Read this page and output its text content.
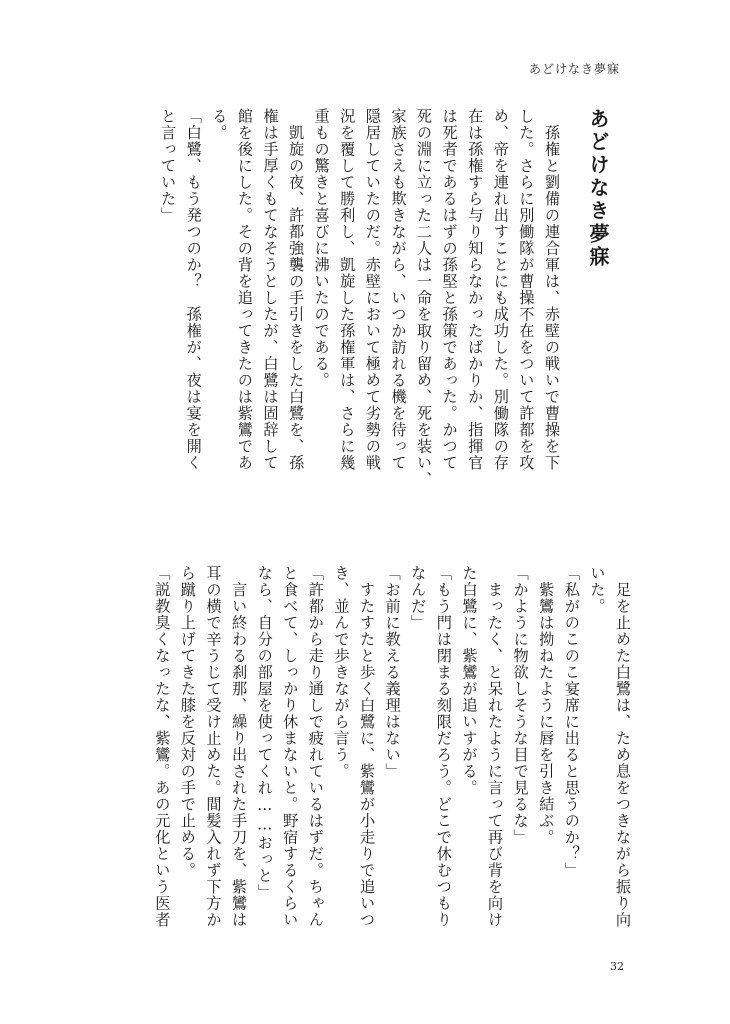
あどけなき夢寐
あどけなき夢寐
　孫権と劉備の連合軍は、赤壁の戦いで曹操を下
した。さらに別働隊が曹操不在をついて許都を攻
め、帝を連れ出すことにも成功した。別働隊の存
在は孫権すら与り知らなかったばかりか、指揮官
は死者であるはずの孫堅と孫策であった。かつて
死の淵に立った二人は一命を取り留め、死を装い、
家族さえも欺きながら、いつか訪れる機を待って
隠居していたのだ。赤壁において極めて劣勢の戦
況を覆して勝利し、凱旋した孫権軍は、さらに幾
重もの驚きと喜びに沸いたのである。
　凱旋の夜、許都強襲の手引きをした白鷺を、孫
権は手厚くもてなそうとしたが、白鷺は固辞して
館を後にした。その背を追ってきたのは紫鸞であ
る。
「白鷺、もう発つのか？　孫権が、夜は宴を開く
と言っていた」
　足を止めた白鷺は、ため息をつきながら振り向
いた。
「私がのこのこ宴席に出ると思うのか？」
　紫鸞は拗ねたように唇を引き結ぶ。
「かように物欲しそうな目で見るな」
　まったく、と呆れたように言って再び背を向け
た白鷺に、紫鸞が追いすがる。
「もう門は閉まる刻限だろう。どこで休むつもり
なんだ」
「お前に教える義理はない」
　すたすたと歩く白鷺に、紫鸞が小走りで追いつ
き、並んで歩きながら言う。
「許都から走り通しで疲れているはずだ。ちゃん
と食べて、しっかり休まないと。野宿するくらい
なら、自分の部屋を使ってくれ……おっと」
　言い終わる刹那、繰り出された手刀を、紫鸞は
耳の横で辛うじて受け止めた。間髪入れず下方か
ら蹴り上げてきた膝を反対の手で止める。
「説教臭くなったな、紫鸞。あの元化という医者
32
